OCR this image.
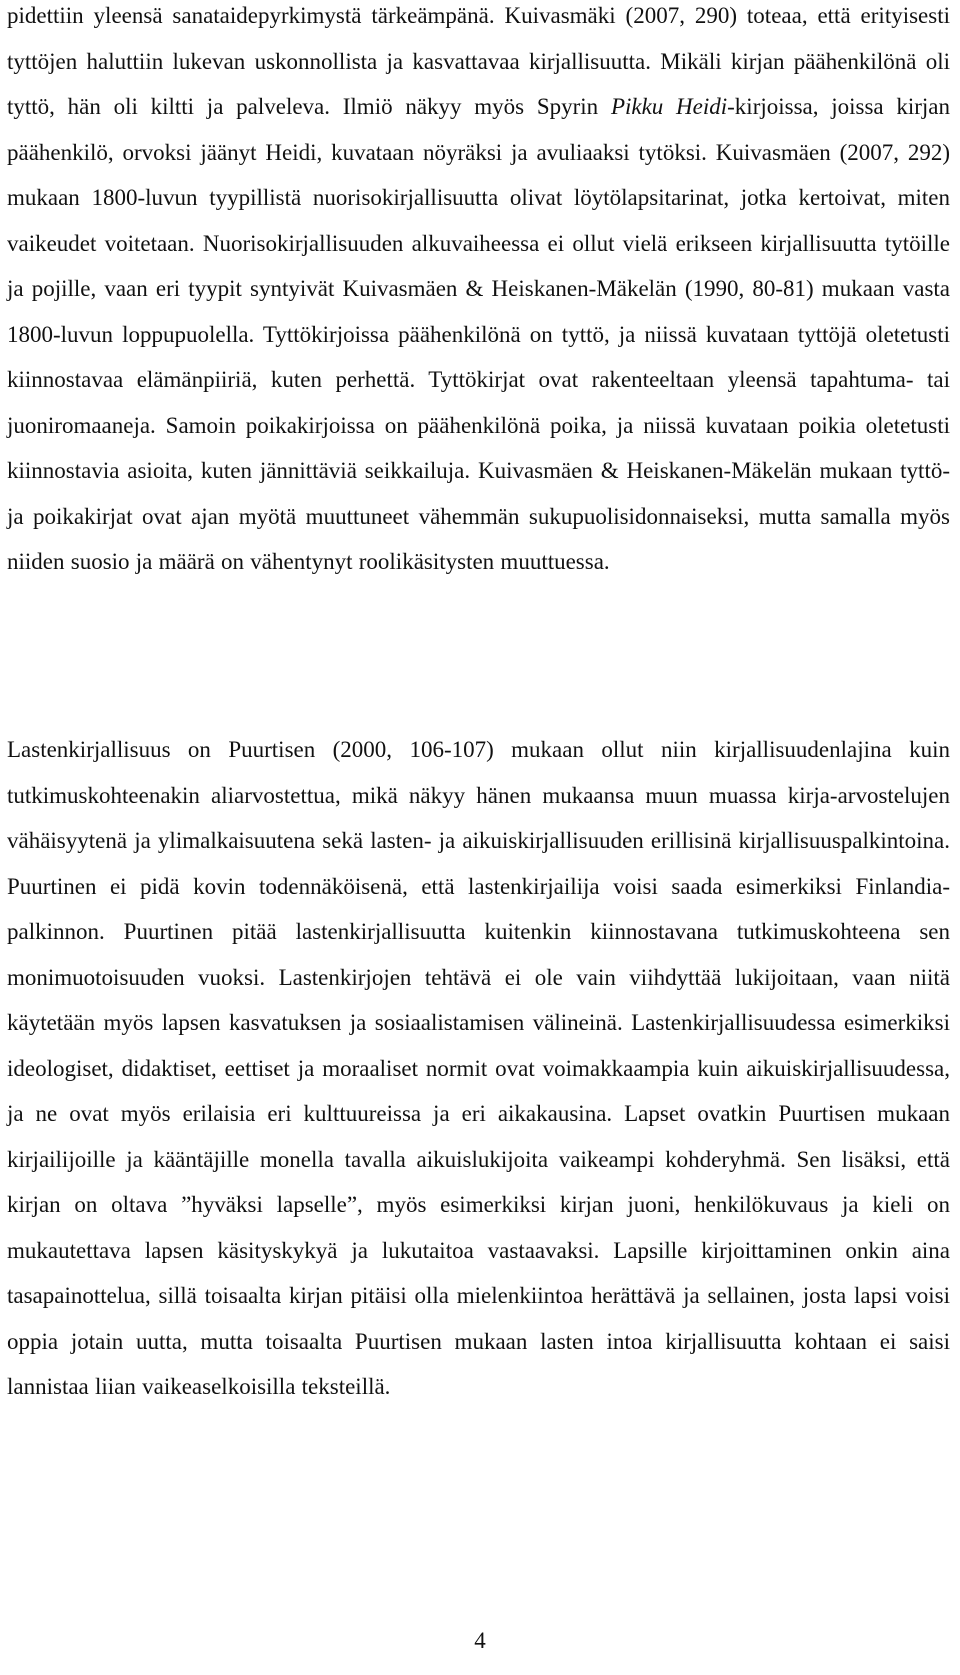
pidettiin yleensä sanataidepyrkimystä tärkeämpänä. Kuivasmäki (2007, 290) toteaa, että erityisesti tyttöjen haluttiin lukevan uskonnollista ja kasvattavaa kirjallisuutta. Mikäli kirjan päähenkilönä oli tyttö, hän oli kiltti ja palveleva. Ilmiö näkyy myös Spyrin Pikku Heidi-kirjoissa, joissa kirjan päähenkilö, orvoksi jäänyt Heidi, kuvataan nöyräksi ja avuliaaksi tytöksi. Kuivasmäen (2007, 292) mukaan 1800-luvun tyypillistä nuorisokirjallisuutta olivat löytölapsitarinat, jotka kertoivat, miten vaikeudet voitetaan. Nuorisokirjallisuuden alkuvaiheessa ei ollut vielä erikseen kirjallisuutta tytöille ja pojille, vaan eri tyypit syntyivät Kuivasmäen & Heiskanen-Mäkelän (1990, 80-81) mukaan vasta 1800-luvun loppupuolella. Tyttökirjoissa päähenkilönä on tyttö, ja niissä kuvataan tyttöjä oletetusti kiinnostavaa elämänpiiriä, kuten perhettä. Tyttökirjat ovat rakenteeltaan yleensä tapahtuma- tai juoniromaaneja. Samoin poikakirjoissa on päähenkilönä poika, ja niissä kuvataan poikia oletetusti kiinnostavia asioita, kuten jännittäviä seikkailuja. Kuivasmäen & Heiskanen-Mäkelän mukaan tyttö- ja poikakirjat ovat ajan myötä muuttuneet vähemmän sukupuolisidonnaiseksi, mutta samalla myös niiden suosio ja määrä on vähentynyt roolikäsitysten muuttuessa.

Lastenkirjallisuus on Puurtisen (2000, 106-107) mukaan ollut niin kirjallisuudenlajina kuin tutkimuskohteenakin aliarvostettua, mikä näkyy hänen mukaansa muun muassa kirja-arvostelujen vähäisyytenä ja ylimalkaisuutena sekä lasten- ja aikuiskirjallisuuden erillisinä kirjallisuuspalkintoina. Puurtinen ei pidä kovin todennäköisenä, että lastenkirjailija voisi saada esimerkiksi Finlandia-palkinnon. Puurtinen pitää lastenkirjallisuutta kuitenkin kiinnostavana tutkimuskohteena sen monimuotoisuuden vuoksi. Lastenkirjojen tehtävä ei ole vain viihdyttää lukijoitaan, vaan niitä käytetään myös lapsen kasvatuksen ja sosiaalistamisen välineinä. Lastenkirjallisuudessa esimerkiksi ideologiset, didaktiset, eettiset ja moraaliset normit ovat voimakkaampia kuin aikuiskirjallisuudessa, ja ne ovat myös erilaisia eri kulttuureissa ja eri aikakausina. Lapset ovatkin Puurtisen mukaan kirjailijoille ja kääntäjille monella tavalla aikuislukijoita vaikeampi kohderyhmä. Sen lisäksi, että kirjan on oltava ”hyväksi lapselle”, myös esimerkiksi kirjan juoni, henkilökuvaus ja kieli on mukautettava lapsen käsityskykyä ja lukutaitoa vastaavaksi. Lapsille kirjoittaminen onkin aina tasapainottelua, sillä toisaalta kirjan pitäisi olla mielenkiintoa herättävä ja sellainen, josta lapsi voisi oppia jotain uutta, mutta toisaalta Puurtisen mukaan lasten intoa kirjallisuutta kohtaan ei saisi lannistaa liian vaikeaselkoisilla teksteillä.

4
